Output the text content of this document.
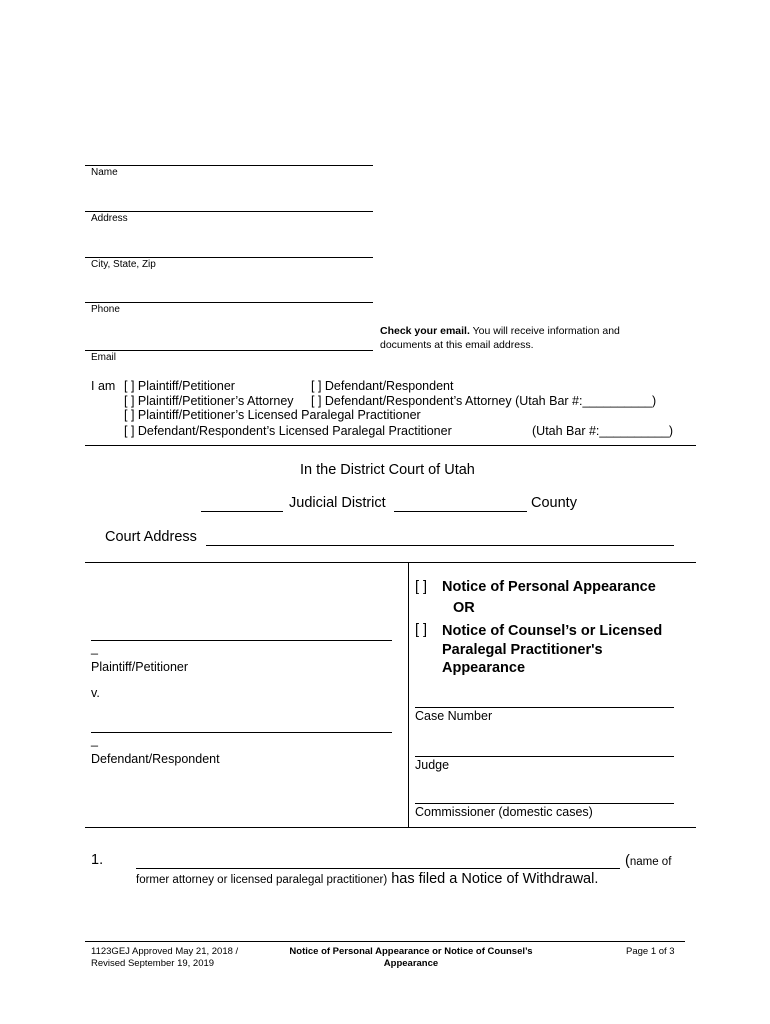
Name
Address
City, State, Zip
Phone
Email
Check your email. You will receive information and
documents at this email address.
I am [ ] Plaintiff/Petitioner	[ ] Defendant/Respondent
[ ] Plaintiff/Petitioner’s Attorney [ ] Defendant/Respondent’s Attorney (Utah Bar #:__________)
[ ] Plaintiff/Petitioner’s Licensed Paralegal Practitioner
[ ] Defendant/Respondent’s Licensed Paralegal Practitioner	(Utah Bar #:__________)
In the District Court of Utah
Judicial District	County
Court Address
_
Plaintiff/Petitioner
v.
_
Defendant/Respondent
[ ] Notice of Personal Appearance
OR
[ ] Notice of Counsel’s or Licensed
Paralegal Practitioner's
Appearance
Case Number
Judge
Commissioner (domestic cases)
1.	(name of
former attorney or licensed paralegal practitioner) has filed a Notice of Withdrawal.
1123GEJ Approved May 21, 2018 /
Revised September 19, 2019
Notice of Personal Appearance or Notice of Counsel’s
Appearance
Page 1 of 3
